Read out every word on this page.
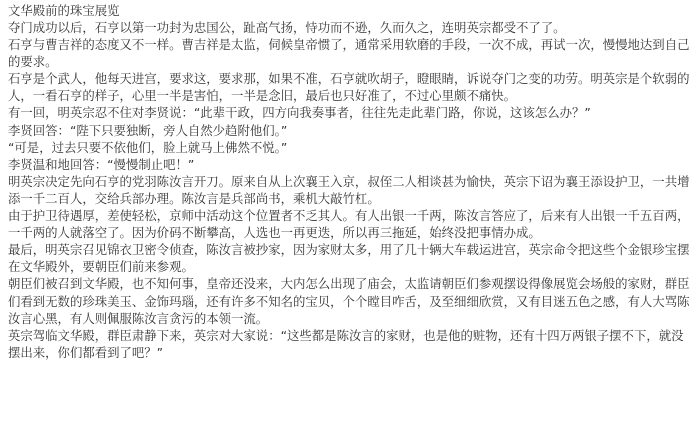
文华殿前的珠宝展览

夺门成功以后，石亨以第一功封为忠国公，趾高气扬，恃功而不逊，久而久之，连明英宗都受不了了。

石亨与曹吉祥的态度又不一样。曹吉祥是太监，伺候皇帝惯了，通常采用软磨的手段，一次不成，再试一次，慢慢地达到自己的要求。

石亨是个武人，他每天进宫，要求这，要求那，如果不准，石亨就吹胡子，瞪眼睛，诉说夺门之变的功劳。明英宗是个软弱的人，一看石亨的样子，心里一半是害怕，一半是念旧，最后也只好准了，不过心里颇不痛快。

有一回，明英宗忍不住对李贤说：“此辈干政，四方向我奏事者，往往先走此辈门路，你说，这该怎么办？”

李贤回答：“陛下只要独断，旁人自然少趋附他们。”

“可是，过去只要不依他们，脸上就马上佛然不悦。”

李贤温和地回答：“慢慢制止吧！”

明英宗决定先向石亨的党羽陈汝言开刀。原来自从上次襄王入京，叔侄二人相谈甚为愉快，英宗下诏为襄王添设护卫，一共增添一千二百人，交给兵部办理。陈汝言是兵部尚书，乘机大敲竹杠。

由于护卫待遇厚，差使轻松，京师中活动这个位置者不乏其人。有人出银一千两，陈汝言答应了，后来有人出银一千五百两，一千两的人就落空了。因为价码不断攀高，人选也一再更迭，所以再三拖延，始终没把事情办成。

最后，明英宗召见锦衣卫密令侦查，陈汝言被抄家，因为家财太多，用了几十辆大车载运进宫，英宗命令把这些个金银珍宝摆在文华殿外，要朝臣们前来参观。

朝臣们被召到文华殿，也不知何事，皇帝还没来，大内怎么出现了庙会，太监请朝臣们参观摆设得像展览会场般的家财，群臣们看到无数的珍珠美玉、金饰玛瑙，还有许多不知名的宝贝，个个瞠目咋舌，及至细细欣赏，又有目迷五色之感，有人大骂陈汝言心黑，有人则佩服陈汝言贪污的本领一流。

英宗驾临文华殿，群臣肃静下来，英宗对大家说：“这些都是陈汝言的家财，也是他的赃物，还有十四万两银子摆不下，就没摆出来，你们都看到了吧？”
